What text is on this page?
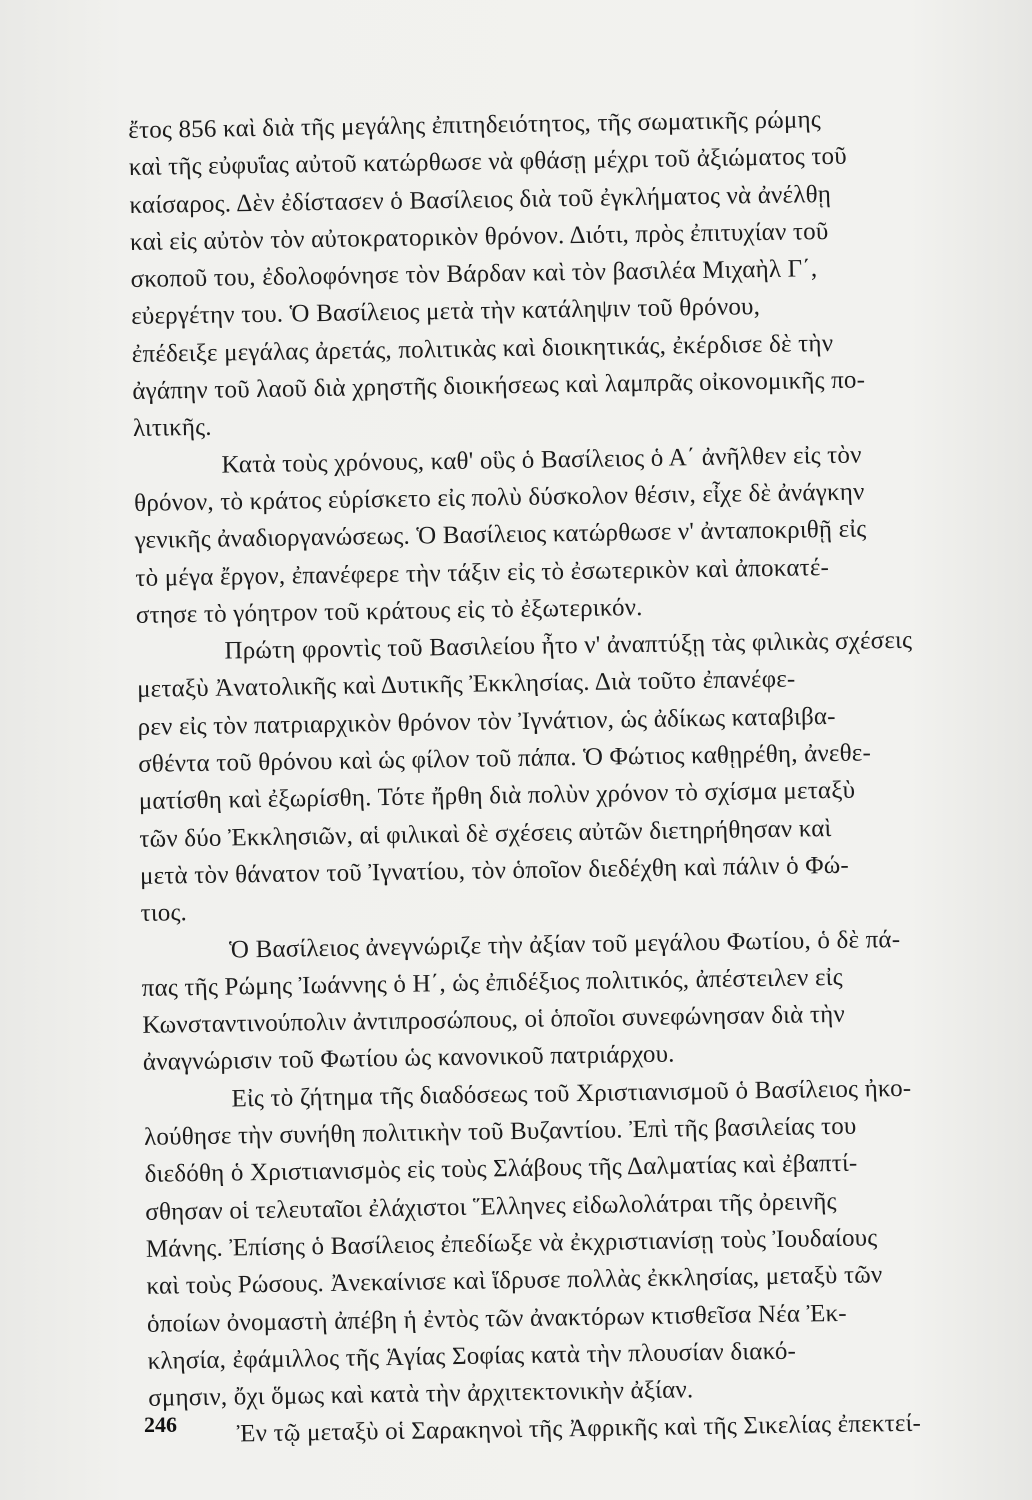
ἔτος 856 καὶ διὰ τῆς μεγάλης ἐπιτηδειότητος, τῆς σωματικῆς ρώμης
καὶ τῆς εὐφυΐας αὐτοῦ κατώρθωσε νὰ φθάσῃ μέχρι τοῦ ἀξιώματος τοῦ
καίσαρος. Δὲν ἐδίστασεν ὁ Βασίλειος διὰ τοῦ ἐγκλήματος νὰ ἀνέλθῃ
καὶ εἰς αὐτὸν τὸν αὐτοκρατορικὸν θρόνον. Διότι, πρὸς ἐπιτυχίαν τοῦ
σκοποῦ του, ἐδολοφόνησε τὸν Βάρδαν καὶ τὸν βασιλέα Μιχαὴλ Γ΄,
εὐεργέτην του. Ὁ Βασίλειος μετὰ τὴν κατάληψιν τοῦ θρόνου,
ἐπέδειξε μεγάλας ἀρετάς, πολιτικὰς καὶ διοικητικάς, ἐκέρδισε δὲ τὴν
ἀγάπην τοῦ λαοῦ διὰ χρηστῆς διοικήσεως καὶ λαμπρᾶς οἰκονομικῆς πο-
λιτικῆς.
Κατὰ τοὺς χρόνους, καθ' οὓς ὁ Βασίλειος ὁ Α΄ ἀνῆλθεν εἰς τὸν
θρόνον, τὸ κράτος εὑρίσκετο εἰς πολὺ δύσκολον θέσιν, εἶχε δὲ ἀνάγκην
γενικῆς ἀναδιοργανώσεως. Ὁ Βασίλειος κατώρθωσε ν' ἀνταποκριθῇ εἰς
τὸ μέγα ἔργον, ἐπανέφερε τὴν τάξιν εἰς τὸ ἐσωτερικὸν καὶ ἀποκατέ-
στησε τὸ γόητρον τοῦ κράτους εἰς τὸ ἐξωτερικόν.
Πρώτη φροντὶς τοῦ Βασιλείου ἦτο ν' ἀναπτύξῃ τὰς φιλικὰς σχέσεις
μεταξὺ Ἀνατολικῆς καὶ Δυτικῆς Ἐκκλησίας. Διὰ τοῦτο ἐπανέφε-
ρεν εἰς τὸν πατριαρχικὸν θρόνον τὸν Ἰγνάτιον, ὡς ἀδίκως καταβιβα-
σθέντα τοῦ θρόνου καὶ ὡς φίλον τοῦ πάπα. Ὁ Φώτιος καθῃρέθη, ἀνεθε-
ματίσθη καὶ ἐξωρίσθη. Τότε ἤρθη διὰ πολὺν χρόνον τὸ σχίσμα μεταξὺ
τῶν δύο Ἐκκλησιῶν, αἱ φιλικαὶ δὲ σχέσεις αὐτῶν διετηρήθησαν καὶ
μετὰ τὸν θάνατον τοῦ Ἰγνατίου, τὸν ὁποῖον διεδέχθη καὶ πάλιν ὁ Φώ-
τιος.
Ὁ Βασίλειος ἀνεγνώριζε τὴν ἀξίαν τοῦ μεγάλου Φωτίου, ὁ δὲ πά-
πας τῆς Ρώμης Ἰωάννης ὁ Η΄, ὡς ἐπιδέξιος πολιτικός, ἀπέστειλεν εἰς
Κωνσταντινούπολιν ἀντιπροσώπους, οἱ ὁποῖοι συνεφώνησαν διὰ τὴν
ἀναγνώρισιν τοῦ Φωτίου ὡς κανονικοῦ πατριάρχου.
Εἰς τὸ ζήτημα τῆς διαδόσεως τοῦ Χριστιανισμοῦ ὁ Βασίλειος ἠκο-
λούθησε τὴν συνήθη πολιτικὴν τοῦ Βυζαντίου. Ἐπὶ τῆς βασιλείας του
διεδόθη ὁ Χριστιανισμὸς εἰς τοὺς Σλάβους τῆς Δαλματίας καὶ ἐβαπτί-
σθησαν οἱ τελευταῖοι ἐλάχιστοι Ἕλληνες εἰδωλολάτραι τῆς ὀρεινῆς
Μάνης. Ἐπίσης ὁ Βασίλειος ἐπεδίωξε νὰ ἐκχριστιανίσῃ τοὺς Ἰουδαίους
καὶ τοὺς Ρώσους. Ἀνεκαίνισε καὶ ἵδρυσε πολλὰς ἐκκλησίας, μεταξὺ τῶν
ὁποίων ὀνομαστὴ ἀπέβη ἡ ἐντὸς τῶν ἀνακτόρων κτισθεῖσα Νέα Ἐκ-
κλησία, ἐφάμιλλος τῆς Ἁγίας Σοφίας κατὰ τὴν πλουσίαν διακό-
σμησιν, ὄχι ὅμως καὶ κατὰ τὴν ἀρχιτεκτονικὴν ἀξίαν.
Ἐν τῷ μεταξὺ οἱ Σαρακηνοὶ τῆς Ἀφρικῆς καὶ τῆς Σικελίας ἐπεκτεί-
246
